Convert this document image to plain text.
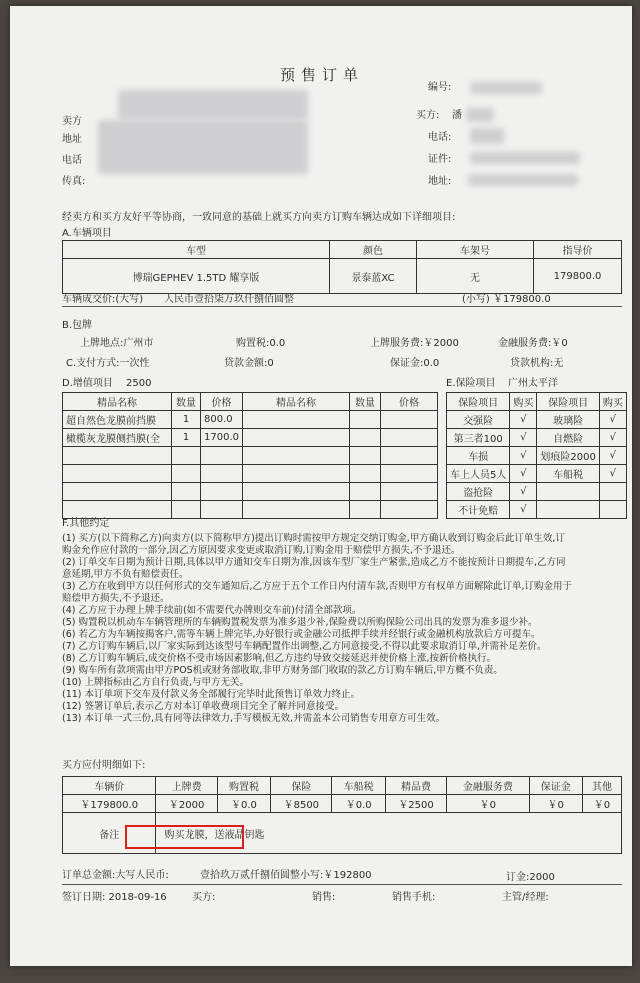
预售订单
卖方
地址
电话
传真:
编号:
买方: 潘
电话:
证件:
地址:
经卖方和买方友好平等协商，一致同意的基础上就买方向卖方订购车辆达成如下详细项目:
A.车辆项目
车型	颜色	车架号	指导价
博瑞GEPHEV 1.5TD 耀享版	景泰蓝XC	无	179800.0
车辆成交价:(大写) 人民币壹拾柒万玖仟捌佰圆整	(小写) ￥179800.0
B.包牌
上牌地点:广州市	购置税:0.0	上牌服务费:￥2000	金融服务费:￥0
C.支付方式:一次性	贷款金额:0	保证金:0.0	贷款机构:无
D.增值项目 2500
精品名称	数量	价格	精品名称	数量	价格
超自然色龙膜前挡膜	1	800.0			
橄榄灰龙膜侧挡膜(全	1	1700.0			

E.保险项目 广州太平洋
保险项目	购买	保险项目	购买
交强险	√	玻璃险	√
第三者100	√	自燃险	√
车损	√	划痕险2000	√
车上人员5人	√	车船税	√
盗抢险	√		
不计免赔	√		
F.其他约定
(1) 买方(以下简称乙方)向卖方(以下简称甲方)提出订购时需按甲方规定交纳订购金,甲方确认收到订购金后此订单生效,订
购金允作应付款的一部分,因乙方原因要求变更或取消订购,订购金用于赔偿甲方损失,不予退还。
(2) 订单交车日期为预计日期,具体以甲方通知交车日期为准,因该车型厂家生产紧张,造成乙方不能按预计日期提车,乙方同
意延期,甲方不负有赔偿责任。
(3) 乙方在收到甲方以任何形式的交车通知后,乙方应于五个工作日内付清车款,否则甲方有权单方面解除此订单,订购金用于
赔偿甲方损失,不予退还。
(4) 乙方应于办理上牌手续前(如不需要代办牌则交车前)付清全部款项。
(5) 购置税以机动车车辆管理所的车辆购置税发票为准多退少补,保险费以所购保险公司出具的发票为准多退少补。
(6) 若乙方为车辆按揭客户,需等车辆上牌完毕,办好银行或金融公司抵押手续并经银行或金融机构放款后方可提车。
(7) 乙方订购车辆后,以厂家实际到达该型号车辆配置作出调整,乙方同意接受,不得以此要求取消订单,并需补足差价。
(8) 乙方订购车辆后,成交价格不受市场因素影响,但乙方违约导致交接延迟并使价格上涨,按新价格执行。
(9) 购车所有款项需由甲方POS机或财务部收取,非甲方财务部门收取的款乙方订购车辆后,甲方概不负责。
(10) 上牌指标由乙方自行负责,与甲方无关。
(11) 本订单项下交车及付款义务全部履行完毕时此预售订单效力终止。
(12) 签署订单后,表示乙方对本订单收费项目完全了解并同意接受。
(13) 本订单一式三份,具有同等法律效力,手写模板无效,并需盖本公司销售专用章方可生效。
买方应付明细如下:
车辆价	上牌费	购置税	保险	车船税	精品费	金融服务费	保证金	其他
￥179800.0	￥2000	￥0.0	￥8500	￥0.0	￥2500	￥0	￥0	￥0
备注	购买龙膜，送液晶钥匙							
订单总金额:大写人民币:	壹拾玖万贰仟捌佰圆整 小写:￥192800	订金:2000
签订日期: 2018-09-16	买方:	销售:	销售手机:	主管/经理:
